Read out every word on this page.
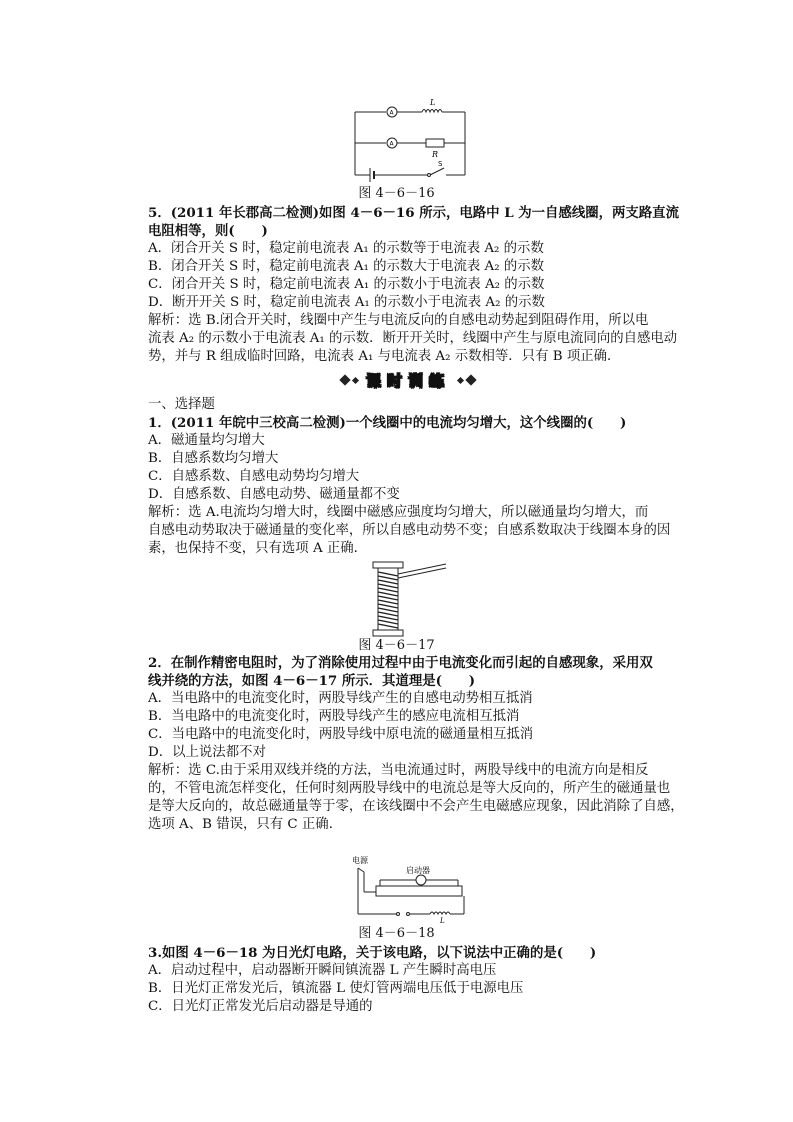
L
R
S
A
A
图 4－6－16
5．(2011 年长郡高二检测)如图 4－6－16 所示，电路中 L 为一自感线圈，两支路直流
电阻相等，则(　　)
A．闭合开关 S 时，稳定前电流表 A₁ 的示数等于电流表 A₂ 的示数
B．闭合开关 S 时，稳定前电流表 A₁ 的示数大于电流表 A₂ 的示数
C．闭合开关 S 时，稳定前电流表 A₁ 的示数小于电流表 A₂ 的示数
D．断开开关 S 时，稳定前电流表 A₁ 的示数小于电流表 A₂ 的示数
解析：选 B.闭合开关时，线圈中产生与电流反向的自感电动势起到阻碍作用，所以电
流表 A₂ 的示数小于电流表 A₁ 的示数．断开开关时，线圈中产生与原电流同向的自感电动
势，并与 R 组成临时回路，电流表 A₁ 与电流表 A₂ 示数相等．只有 B 项正确．
课时训练
一、选择题
1．(2011 年皖中三校高二检测)一个线圈中的电流均匀增大，这个线圈的(　　)
A．磁通量均匀增大
B．自感系数均匀增大
C．自感系数、自感电动势均匀增大
D．自感系数、自感电动势、磁通量都不变
解析：选 A.电流均匀增大时，线圈中磁感应强度均匀增大，所以磁通量均匀增大，而
自感电动势取决于磁通量的变化率，所以自感电动势不变；自感系数取决于线圈本身的因
素，也保持不变，只有选项 A 正确．
图 4－6－17
2．在制作精密电阻时，为了消除使用过程中由于电流变化而引起的自感现象，采用双
线并绕的方法，如图 4－6－17 所示．其道理是(　　)
A．当电路中的电流变化时，两股导线产生的自感电动势相互抵消
B．当电路中的电流变化时，两股导线产生的感应电流相互抵消
C．当电路中的电流变化时，两股导线中原电流的磁通量相互抵消
D．以上说法都不对
解析：选 C.由于采用双线并绕的方法，当电流通过时，两股导线中的电流方向是相反
的，不管电流怎样变化，任何时刻两股导线中的电流总是等大反向的，所产生的磁通量也
是等大反向的，故总磁通量等于零，在该线圈中不会产生电磁感应现象，因此消除了自感，
选项 A、B 错误，只有 C 正确．
电源
启动器
L
图 4－6－18
3.如图 4－6－18 为日光灯电路，关于该电路，以下说法中正确的是(　　)
A．启动过程中，启动器断开瞬间镇流器 L 产生瞬时高电压
B．日光灯正常发光后，镇流器 L 使灯管两端电压低于电源电压
C．日光灯正常发光后启动器是导通的
